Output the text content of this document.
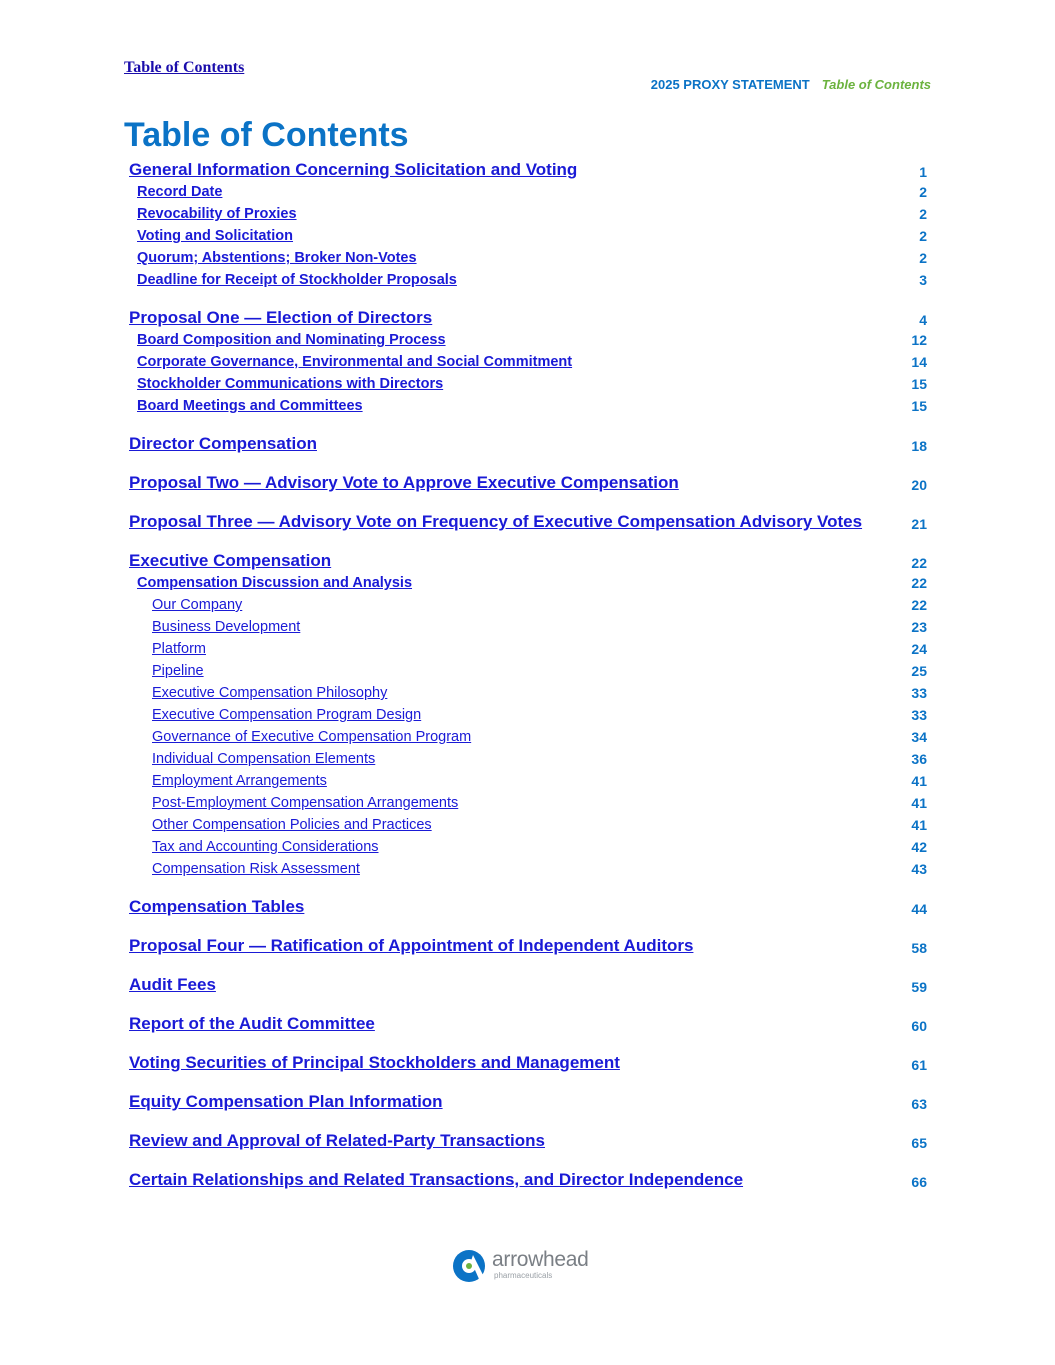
Table of Contents
2025 PROXY STATEMENT Table of Contents
Table of Contents
General Information Concerning Solicitation and Voting	1
Record Date	2
Revocability of Proxies	2
Voting and Solicitation	2
Quorum; Abstentions; Broker Non-Votes	2
Deadline for Receipt of Stockholder Proposals	3
Proposal One — Election of Directors	4
Board Composition and Nominating Process	12
Corporate Governance, Environmental and Social Commitment	14
Stockholder Communications with Directors	15
Board Meetings and Committees	15
Director Compensation	18
Proposal Two — Advisory Vote to Approve Executive Compensation	20
Proposal Three — Advisory Vote on Frequency of Executive Compensation Advisory Votes	21
Executive Compensation	22
Compensation Discussion and Analysis	22
Our Company	22
Business Development	23
Platform	24
Pipeline	25
Executive Compensation Philosophy	33
Executive Compensation Program Design	33
Governance of Executive Compensation Program	34
Individual Compensation Elements	36
Employment Arrangements	41
Post-Employment Compensation Arrangements	41
Other Compensation Policies and Practices	41
Tax and Accounting Considerations	42
Compensation Risk Assessment	43
Compensation Tables	44
Proposal Four — Ratification of Appointment of Independent Auditors	58
Audit Fees	59
Report of the Audit Committee	60
Voting Securities of Principal Stockholders and Management	61
Equity Compensation Plan Information	63
Review and Approval of Related-Party Transactions	65
Certain Relationships and Related Transactions, and Director Independence	66
arrowhead
pharmaceuticals
